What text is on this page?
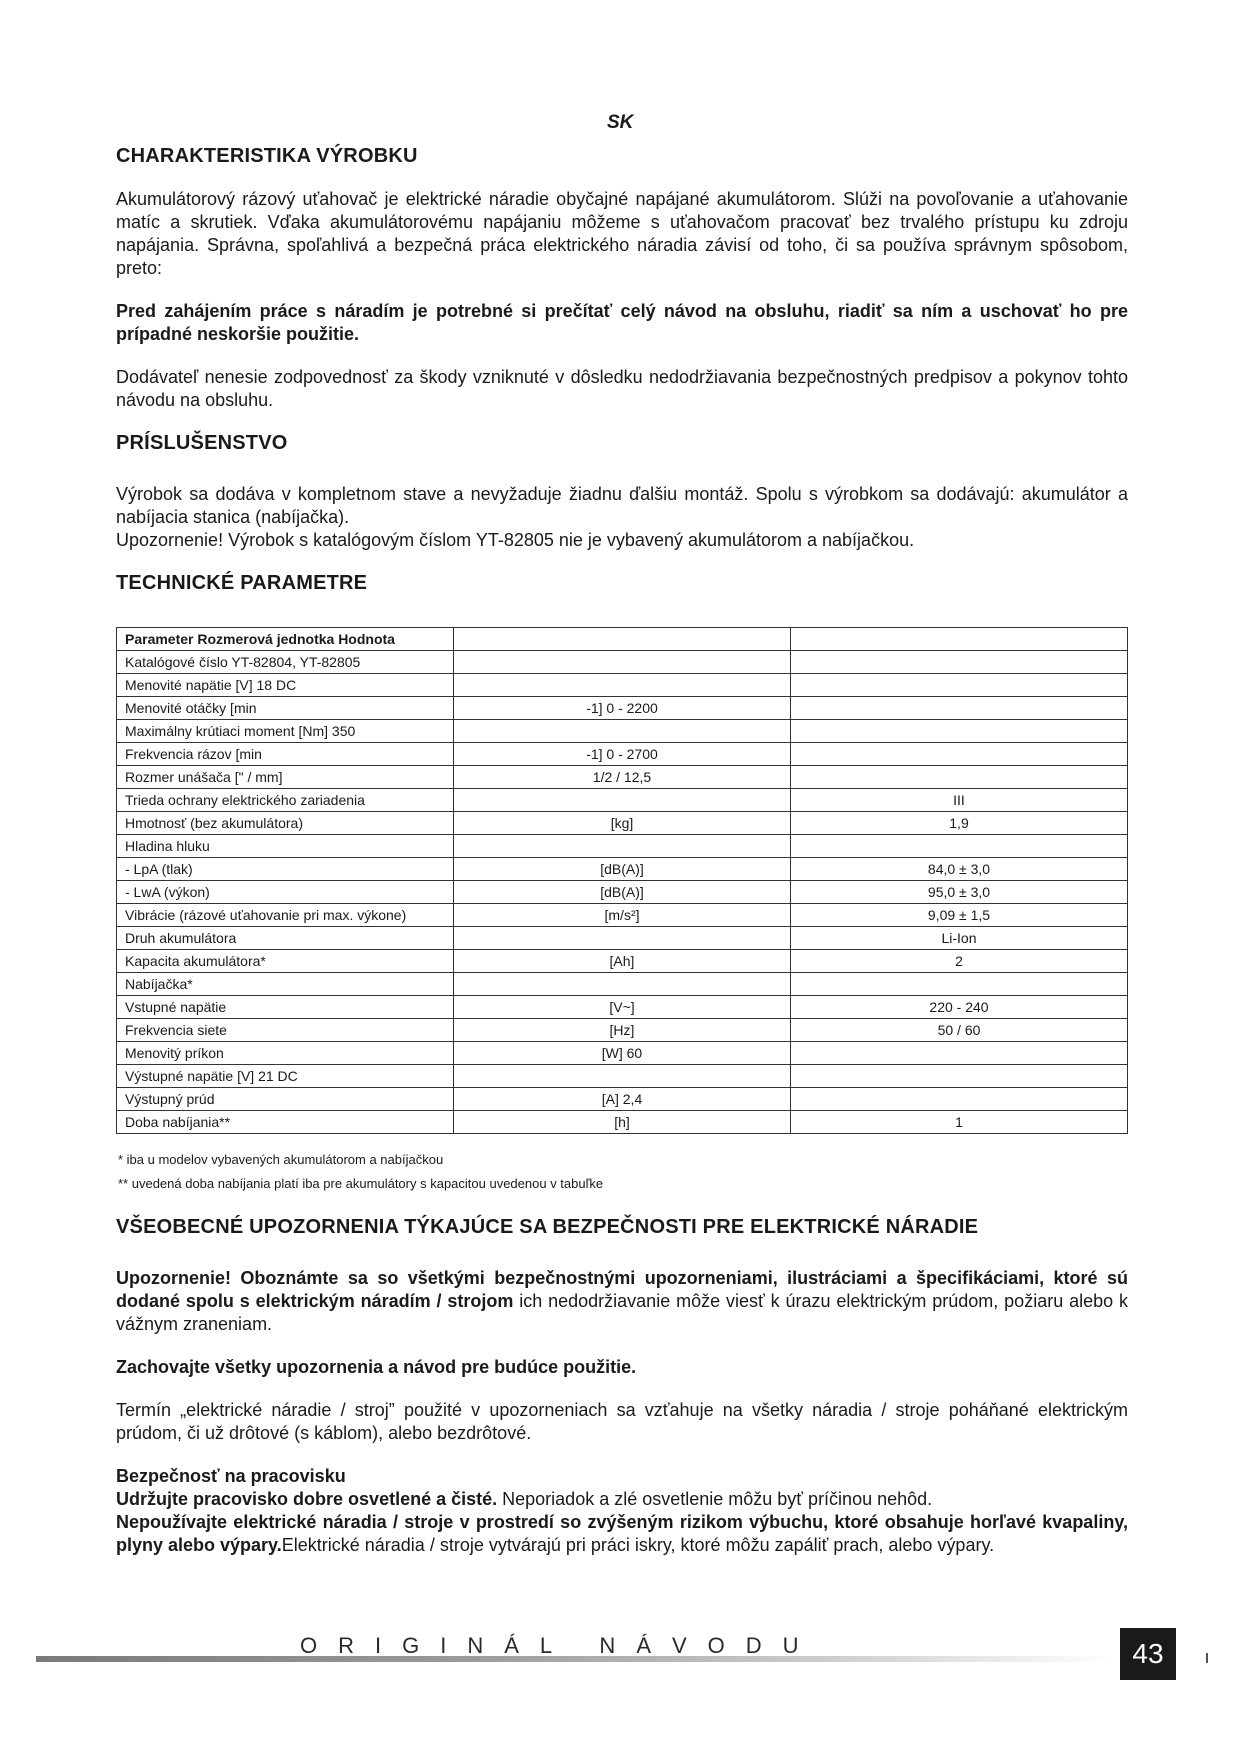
SK
CHARAKTERISTIKA VÝROBKU

Akumulátorový rázový uťahovač je elektrické náradie obyčajné napájané akumulátorom. Slúži na povoľovanie a uťahovanie matíc a skrutiek. Vďaka akumulátorovému napájaniu môžeme s uťahovačom pracovať bez trvalého prístupu ku zdroju napájania. Správna, spoľahlivá a bezpečná práca elektrického náradia závisí od toho, či sa používa správnym spôsobom, preto:

Pred zahájením práce s náradím je potrebné si prečítať celý návod na obsluhu, riadiť sa ním a uschovať ho pre prípadné neskoršie použitie.

Dodávateľ nenesie zodpovednosť za škody vzniknuté v dôsledku nedodržiavania bezpečnostných predpisov a pokynov tohto návodu na obsluhu.

PRÍSLUŠENSTVO

Výrobok sa dodáva v kompletnom stave a nevyžaduje žiadnu ďalšiu montáž. Spolu s výrobkom sa dodávajú: akumulátor a nabíjacia stanica (nabíjačka).

Upozornenie! Výrobok s katalógovým číslom YT-82805 nie je vybavený akumulátorom a nabíjačkou.

TECHNICKÉ PARAMETRE
Parameter Rozmerová jednotka Hodnota		
Katalógové číslo YT-82804, YT-82805		
Menovité napätie [V] 18 DC		
Menovité otáčky [min	-1] 0 - 2200	
Maximálny krútiaci moment [Nm] 350		
Frekvencia rázov [min	-1] 0 - 2700	
Rozmer unášača [" / mm]	1/2 / 12,5	
Trieda ochrany elektrického zariadenia		III
Hmotnosť (bez akumulátora)	[kg]	1,9
Hladina hluku		
- LpA (tlak)	[dB(A)]	84,0 ± 3,0
- LwA (výkon)	[dB(A)]	95,0 ± 3,0
Vibrácie (rázové uťahovanie pri max. výkone)	[m/s²]	9,09 ± 1,5
Druh akumulátora		Li-Ion
Kapacita akumulátora*	[Ah]	2
Nabíjačka*		
Vstupné napätie	[V~]	220 - 240
Frekvencia siete	[Hz]	50 / 60
Menovitý príkon	[W] 60	
Výstupné napätie [V] 21 DC		
Výstupný prúd	[A] 2,4	
Doba nabíjania**	[h]	1
* iba u modelov vybavených akumulátorom a nabíjačkou
** uvedená doba nabíjania platí iba pre akumulátory s kapacitou uvedenou v tabuľke
VŠEOBECNÉ UPOZORNENIA TÝKAJÚCE SA BEZPEČNOSTI PRE ELEKTRICKÉ NÁRADIE

Upozornenie! Oboznámte sa so všetkými bezpečnostnými upozorneniami, ilustráciami a špecifikáciami, ktoré sú dodané spolu s elektrickým náradím / strojom ich nedodržiavanie môže viesť k úrazu elektrickým prúdom, požiaru alebo k vážnym zraneniam.

Zachovajte všetky upozornenia a návod pre budúce použitie.

Termín „elektrické náradie / stroj” použité v upozorneniach sa vzťahuje na všetky náradia / stroje poháňané elektrickým prúdom, či už drôtové (s káblom), alebo bezdrôtové.

Bezpečnosť na pracovisku

Udržujte pracovisko dobre osvetlené a čisté. Neporiadok a zlé osvetlenie môžu byť príčinou nehôd.

Nepoužívajte elektrické náradia / stroje v prostredí so zvýšeným rizikom výbuchu, ktoré obsahuje horľavé kvapaliny, plyny alebo výpary.Elektrické náradia / stroje vytvárajú pri práci iskry, ktoré môžu zapáliť prach, alebo výpary.

ORIGINÁL NÁVODU	43
